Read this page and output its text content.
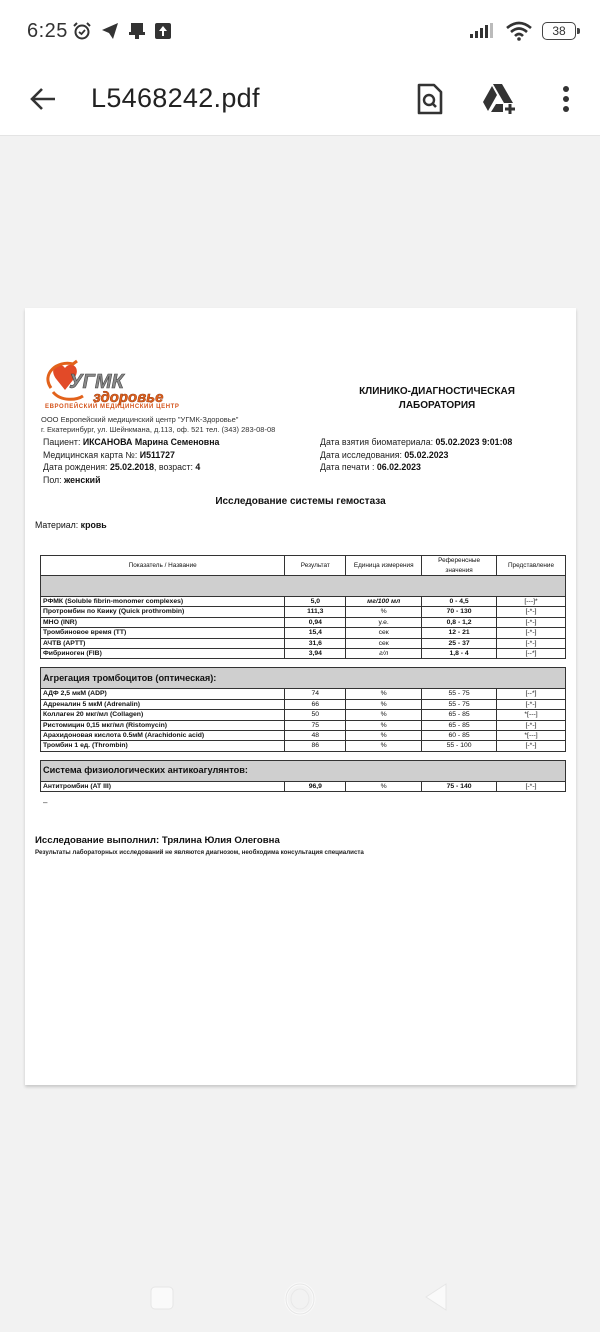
6:25	38
L5468242.pdf
УГМК
здоровье
ЕВРОПЕЙСКИЙ МЕДИЦИНСКИЙ ЦЕНТР
ООО Европейский медицинский центр "УГМК-Здоровье"
г. Екатеринбург, ул. Шейнкмана, д.113, оф. 521 тел. (343) 283-08-08
КЛИНИКО-ДИАГНОСТИЧЕСКАЯ
ЛАБОРАТОРИЯ
Пациент: ИКСАНОВА Марина Семеновна
Медицинская карта №: И511727
Дата рождения: 25.02.2018, возраст: 4
Пол: женский
Дата взятия биоматериала: 05.02.2023 9:01:08
Дата исследования: 05.02.2023
Дата печати : 06.02.2023
Исследование системы гемостаза
Материал: кровь
Показатель / Название	Результат	Единица измерения	Референсные значения	Представление

РФМК (Soluble fibrin-monomer complexes)	5,0	мг/100 мл	0 - 4,5	[---]*
Протромбин по Квику (Quick prothrombin)	111,3	%	70 - 130	[-*-]
МНО (INR)	0,94	у.е.	0,8 - 1,2	[-*-]
Тромбиновое время (ТТ)	15,4	сек	12 - 21	[-*-]
АЧТВ (APTT)	31,6	сек	25 - 37	[-*-]
Фибриноген (FIB)	3,94	г/л	1,8 - 4	[--*]

Агрегация тромбоцитов (оптическая):				
АДФ 2,5 мкМ (ADP)	74	%	55 - 75	[--*]
Адреналин 5 мкМ (Adrenalin)	66	%	55 - 75	[-*-]
Коллаген 20 мкг/мл (Collagen)	50	%	65 - 85	*[---]
Ристомицин 0,15 мкг/мл (Ristomycin)	75	%	65 - 85	[-*-]
Арахидоновая кислота 0.5мМ (Arachidonic acid)	48	%	60 - 85	*[---]
Тромбин 1 ед. (Thrombin)	86	%	55 - 100	[-*-]

Система физиологических антикоагулянтов:				
Антитромбин (AT III)	96,9	%	75 - 140	[-*-]
–
Исследование выполнил: Трялина Юлия Олеговна
Результаты лабораторных исследований не являются диагнозом, необходима консультация специалиста
